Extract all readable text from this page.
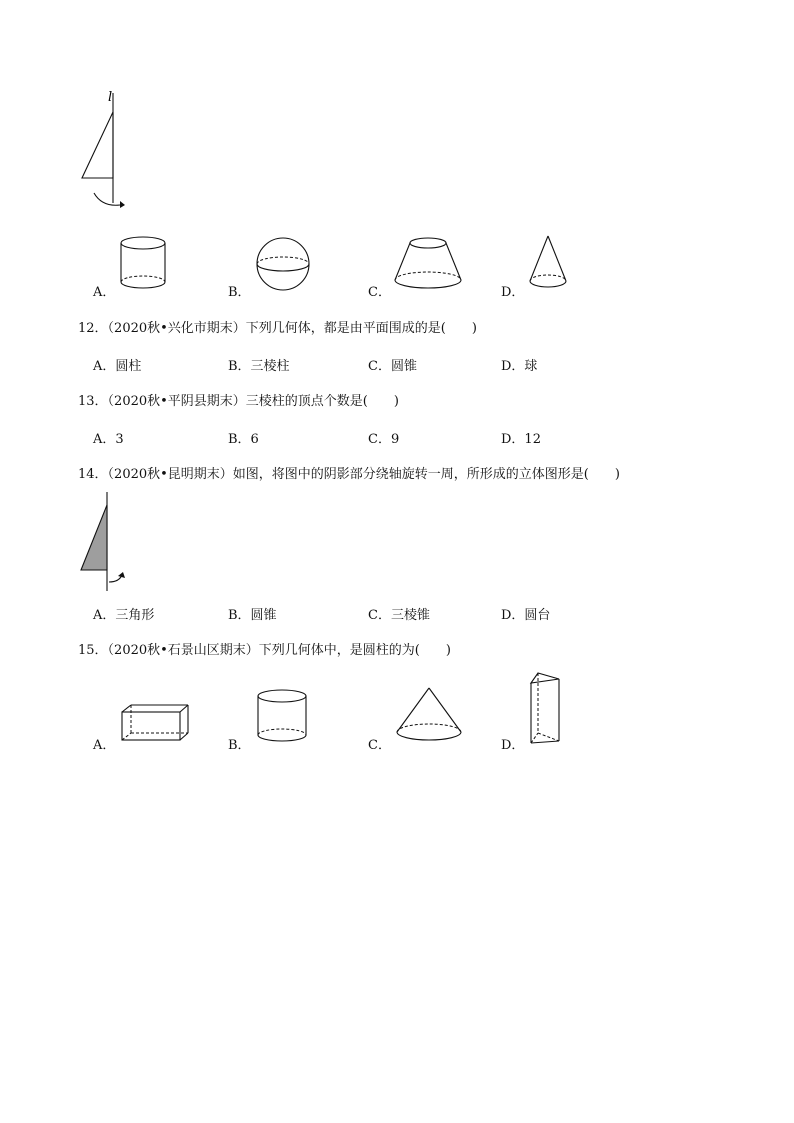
l
A．	B．	C．	D．
12．（2020秋•兴化市期末）下列几何体，都是由平面围成的是(　　)
A．圆柱	B．三棱柱	C．圆锥	D．球
13．（2020秋•平阴县期末）三棱柱的顶点个数是(　　)
A．3	B．6	C．9	D．12
14．（2020秋•昆明期末）如图，将图中的阴影部分绕轴旋转一周，所形成的立体图形是(　　)
A．三角形	B．圆锥	C．三棱锥	D．圆台
15．（2020秋•石景山区期末）下列几何体中，是圆柱的为(　　)
A．	B．	C．	D．
